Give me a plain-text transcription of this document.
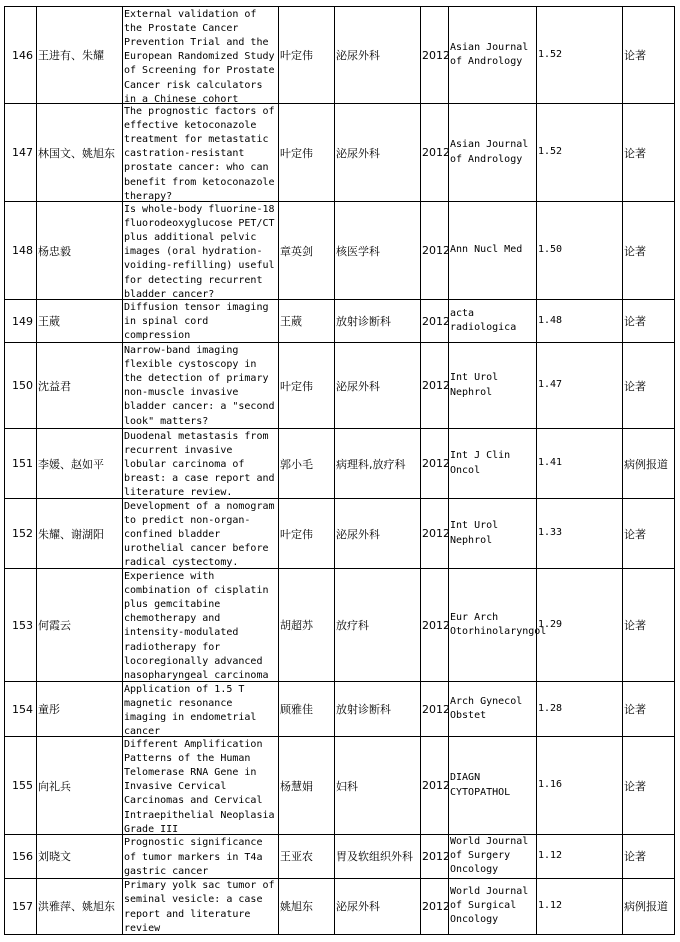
146	王进有、朱耀	External validation of the Prostate Cancer Prevention Trial and the European Randomized Study of Screening for Prostate Cancer risk calculators in a Chinese cohort	叶定伟	泌尿外科	2012	Asian Journal of Andrology	1.52	论著
147	林国文、姚旭东	The prognostic factors of effective ketoconazole treatment for metastatic castration-resistant prostate cancer: who can benefit from ketoconazole therapy?	叶定伟	泌尿外科	2012	Asian Journal of Andrology	1.52	论著
148	杨忠毅	Is whole-body fluorine-18 fluorodeoxyglucose PET/CT plus additional pelvic images (oral hydration-voiding-refilling) useful for detecting recurrent bladder cancer?	章英剑	核医学科	2012	Ann Nucl Med	1.50	论著
149	王葳	Diffusion tensor imaging in spinal cord compression	王葳	放射诊断科	2012	acta radiologica	1.48	论著
150	沈益君	Narrow-band imaging flexible cystoscopy in the detection of primary non-muscle invasive bladder cancer: a "second look" matters?	叶定伟	泌尿外科	2012	Int Urol Nephrol	1.47	论著
151	李媛、赵如平	Duodenal metastasis from recurrent invasive lobular carcinoma of breast: a case report and literature review.	郭小毛	病理科,放疗科	2012	Int J Clin Oncol	1.41	病例报道
152	朱耀、谢湖阳	Development of a nomogram to predict non-organ-confined bladder urothelial cancer before radical cystectomy.	叶定伟	泌尿外科	2012	Int Urol Nephrol	1.33	论著
153	何霞云	Experience with combination of cisplatin plus gemcitabine chemotherapy and intensity-modulated radiotherapy for locoregionally advanced nasopharyngeal carcinoma	胡超苏	放疗科	2012	Eur Arch Otorhinolaryngol	1.29	论著
154	童彤	Application of 1.5 T magnetic resonance imaging in endometrial cancer	顾雅佳	放射诊断科	2012	Arch Gynecol Obstet	1.28	论著
155	向礼兵	Different Amplification Patterns of the Human Telomerase RNA Gene in Invasive Cervical Carcinomas and Cervical Intraepithelial Neoplasia Grade III	杨慧娟	妇科	2012	DIAGN CYTOPATHOL	1.16	论著
156	刘晓文	Prognostic significance of tumor markers in T4a gastric cancer	王亚农	胃及软组织外科	2012	World Journal of Surgery Oncology	1.12	论著
157	洪雅萍、姚旭东	Primary yolk sac tumor of seminal vesicle: a case report and literature review	姚旭东	泌尿外科	2012	World Journal of Surgical Oncology	1.12	病例报道
